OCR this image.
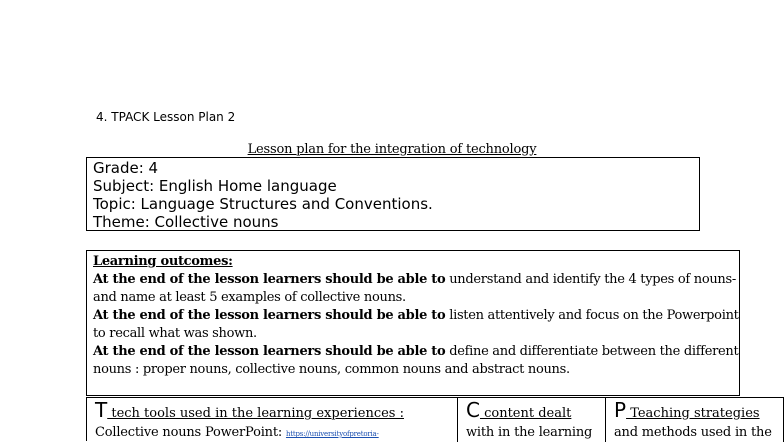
4. TPACK Lesson Plan 2
Lesson plan for the integration of technology
Grade: 4
Subject: English Home language
Topic: Language Structures and Conventions.
Theme: Collective nouns
Learning outcomes:
At the end of the lesson learners should be able to understand and identify the 4 types of nouns-
and name at least 5 examples of collective nouns.
At the end of the lesson learners should be able to listen attentively and focus on the Powerpoint
to recall what was shown.
At the end of the lesson learners should be able to define and differentiate between the different
nouns : proper nouns, collective nouns, common nouns and abstract nouns.
T tech tools used in the learning experiences :
Collective nouns PowerPoint: https://universityofpretoria-
C content dealt
with in the learning
P Teaching strategies
and methods used in the
